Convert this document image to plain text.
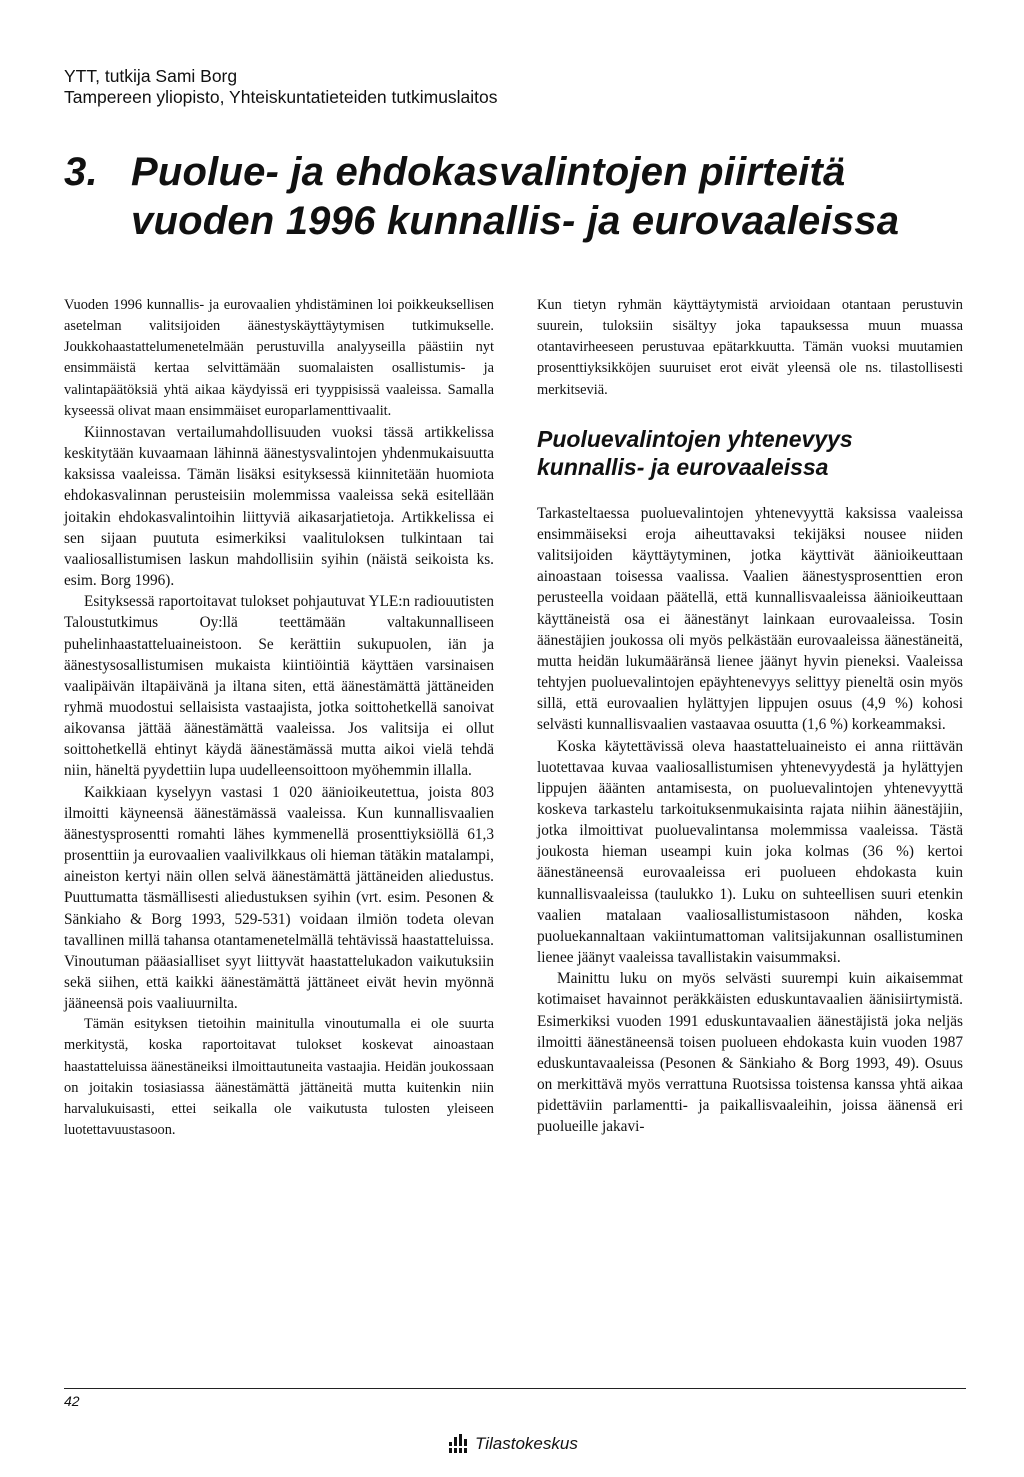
YTT, tutkija Sami Borg
Tampereen yliopisto, Yhteiskuntatieteiden tutkimuslaitos
3. Puolue- ja ehdokasvalintojen piirteitä
vuoden 1996 kunnallis- ja eurovaaleissa

Vuoden 1996 kunnallis- ja eurovaalien yhdistäminen loi poikkeuksellisen asetelman valitsijoiden äänestyskäyttäytymisen tutkimukselle. Joukkohaastattelumenetelmään perustuvilla analyyseilla päästiin nyt ensimmäistä kertaa selvittämään suomalaisten osallistumis- ja valintapäätöksiä yhtä aikaa käydyissä eri tyyppisissä vaaleissa. Samalla kyseessä olivat maan ensimmäiset europarlamenttivaalit.

Kiinnostavan vertailumahdollisuuden vuoksi tässä artikkelissa keskitytään kuvaamaan lähinnä äänestysvalintojen yhdenmukaisuutta kaksissa vaaleissa. Tämän lisäksi esityksessä kiinnitetään huomiota ehdokasvalinnan perusteisiin molemmissa vaaleissa sekä esitellään joitakin ehdokasvalintoihin liittyviä aikasarjatietoja. Artikkelissa ei sen sijaan puututa esimerkiksi vaalituloksen tulkintaan tai vaaliosallistumisen laskun mahdollisiin syihin (näistä seikoista ks. esim. Borg 1996).

Esityksessä raportoitavat tulokset pohjautuvat YLE:n radiouutisten Taloustutkimus Oy:llä teettämään valtakunnalliseen puhelinhaastatteluaineistoon. Se kerättiin sukupuolen, iän ja äänestysosallistumisen mukaista kiintiöintiä käyttäen varsinaisen vaalipäivän iltapäivänä ja iltana siten, että äänestämättä jättäneiden ryhmä muodostui sellaisista vastaajista, jotka soittohetkellä sanoivat aikovansa jättää äänestämättä vaaleissa. Jos valitsija ei ollut soittohetkellä ehtinyt käydä äänestämässä mutta aikoi vielä tehdä niin, häneltä pyydettiin lupa uudelleensoittoon myöhemmin illalla.

Kaikkiaan kyselyyn vastasi 1 020 äänioikeutettua, joista 803 ilmoitti käyneensä äänestämässä vaaleissa. Kun kunnallisvaalien äänestysprosentti romahti lähes kymmenellä prosenttiyksiöllä 61,3 prosenttiin ja eurovaalien vaalivilkkaus oli hieman tätäkin matalampi, aineiston kertyi näin ollen selvä äänestämättä jättäneiden aliedustus. Puuttumatta täsmällisesti aliedustuksen syihin (vrt. esim. Pesonen & Sänkiaho & Borg 1993, 529-531) voidaan ilmiön todeta olevan tavallinen millä tahansa otantamenetelmällä tehtävissä haastatteluissa. Vinoutuman pääasialliset syyt liittyvät haastattelukadon vaikutuksiin sekä siihen, että kaikki äänestämättä jättäneet eivät hevin myönnä jääneensä pois vaaliuurnilta.

Tämän esityksen tietoihin mainitulla vinoutumalla ei ole suurta merkitystä, koska raportoitavat tulokset koskevat ainoastaan haastatteluissa äänestäneiksi ilmoittautuneita vastaajia. Heidän joukossaan on joitakin tosiasiassa äänestämättä jättäneitä mutta kuitenkin niin harvalukuisasti, ettei seikalla ole vaikutusta tulosten yleiseen luotettavuustasoon.

Kun tietyn ryhmän käyttäytymistä arvioidaan otantaan perustuvin suurein, tuloksiin sisältyy joka tapauksessa muun muassa otantavirheeseen perustuvaa epätarkkuutta. Tämän vuoksi muutamien prosenttiyksikköjen suuruiset erot eivät yleensä ole ns. tilastollisesti merkitseviä.

Puoluevalintojen yhtenevyys
kunnallis- ja eurovaaleissa

Tarkasteltaessa puoluevalintojen yhtenevyyttä kaksissa vaaleissa ensimmäiseksi eroja aiheuttavaksi tekijäksi nousee niiden valitsijoiden käyttäytyminen, jotka käyttivät äänioikeuttaan ainoastaan toisessa vaalissa. Vaalien äänestysprosenttien eron perusteella voidaan päätellä, että kunnallisvaaleissa äänioikeuttaan käyttäneistä osa ei äänestänyt lainkaan eurovaaleissa. Tosin äänestäjien joukossa oli myös pelkästään eurovaaleissa äänestäneitä, mutta heidän lukumääränsä lienee jäänyt hyvin pieneksi. Vaaleissa tehtyjen puoluevalintojen epäyhtenevyys selittyy pieneltä osin myös sillä, että eurovaalien hylättyjen lippujen osuus (4,9 %) kohosi selvästi kunnallisvaalien vastaavaa osuutta (1,6 %) korkeammaksi.

Koska käytettävissä oleva haastatteluaineisto ei anna riittävän luotettavaa kuvaa vaaliosallistumisen yhtenevyydestä ja hylättyjen lippujen ääänten antamisesta, on puoluevalintojen yhtenevyyttä koskeva tarkastelu tarkoituksenmukaisinta rajata niihin äänestäjiin, jotka ilmoittivat puoluevalintansa molemmissa vaaleissa. Tästä joukosta hieman useampi kuin joka kolmas (36 %) kertoi äänestäneensä eurovaaleissa eri puolueen ehdokasta kuin kunnallisvaaleissa (taulukko 1). Luku on suhteellisen suuri etenkin vaalien matalaan vaaliosallistumistasoon nähden, koska puoluekannaltaan vakiintumattoman valitsijakunnan osallistuminen lienee jäänyt vaaleissa tavallistakin vaisummaksi.

Mainittu luku on myös selvästi suurempi kuin aikaisemmat kotimaiset havainnot peräkkäisten eduskuntavaalien äänisiirtymistä. Esimerkiksi vuoden 1991 eduskuntavaalien äänestäjistä joka neljäs ilmoitti äänestäneensä toisen puolueen ehdokasta kuin vuoden 1987 eduskuntavaaleissa (Pesonen & Sänkiaho & Borg 1993, 49). Osuus on merkittävä myös verrattuna Ruotsissa toistensa kanssa yhtä aikaa pidettäviin parlamentti- ja paikallisvaaleihin, joissa äänensä eri puolueille jakavi-

42
Tilastokeskus
